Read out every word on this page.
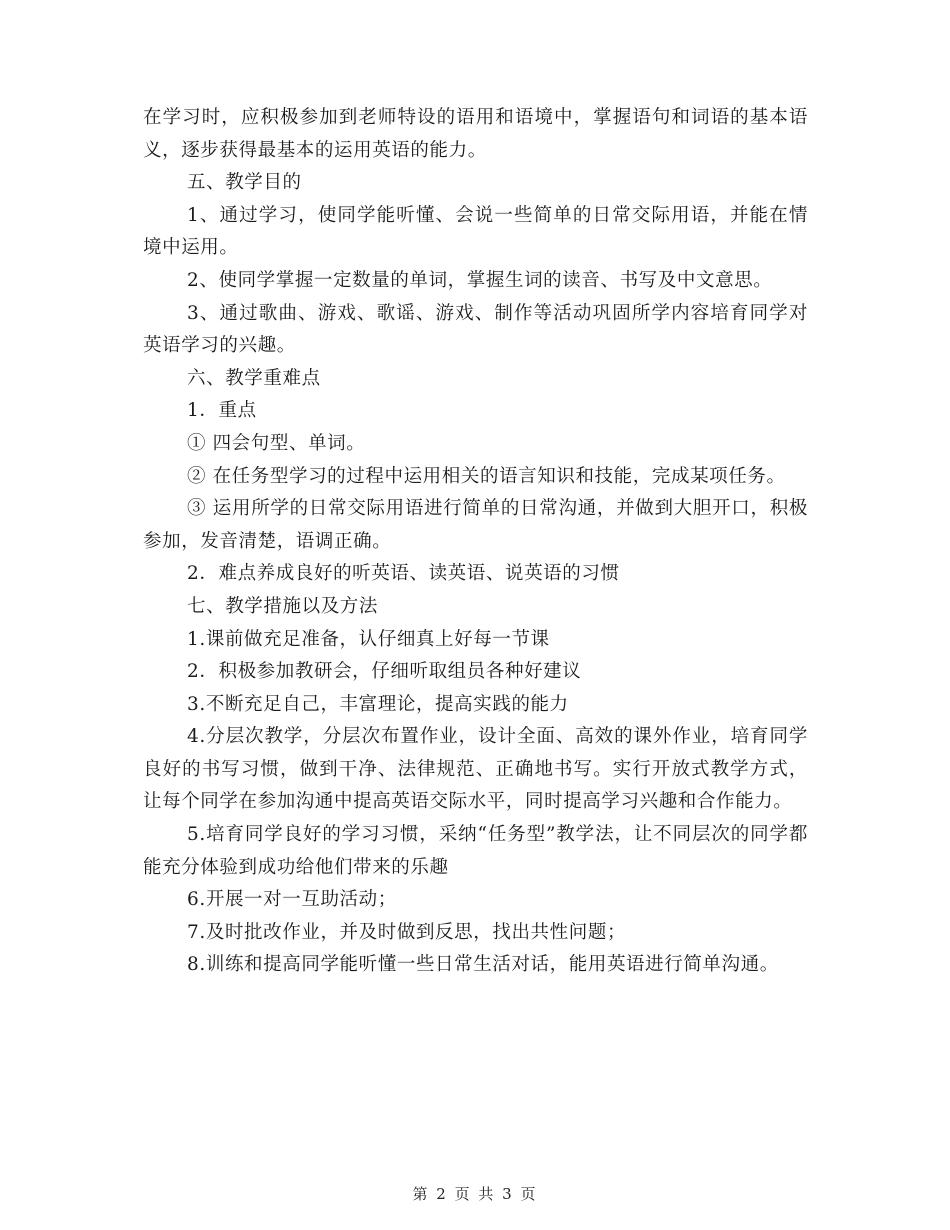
在学习时，应积极参加到老师特设的语用和语境中，掌握语句和词语的基本语义，逐步获得最基本的运用英语的能力。

五、教学目的

1、通过学习，使同学能听懂、会说一些简单的日常交际用语，并能在情境中运用。

2、使同学掌握一定数量的单词，掌握生词的读音、书写及中文意思。

3、通过歌曲、游戏、歌谣、游戏、制作等活动巩固所学内容培育同学对英语学习的兴趣。

六、教学重难点

1．重点

① 四会句型、单词。

② 在任务型学习的过程中运用相关的语言知识和技能，完成某项任务。

③ 运用所学的日常交际用语进行简单的日常沟通，并做到大胆开口，积极参加，发音清楚，语调正确。

2．难点养成良好的听英语、读英语、说英语的习惯

七、教学措施以及方法

1.课前做充足准备，认仔细真上好每一节课

2．积极参加教研会，仔细听取组员各种好建议

3.不断充足自己，丰富理论，提高实践的能力

4.分层次教学，分层次布置作业，设计全面、高效的课外作业，培育同学良好的书写习惯，做到干净、法律规范、正确地书写。实行开放式教学方式，让每个同学在参加沟通中提高英语交际水平，同时提高学习兴趣和合作能力。

5.培育同学良好的学习习惯，采纳“任务型”教学法，让不同层次的同学都能充分体验到成功给他们带来的乐趣

6.开展一对一互助活动；

7.及时批改作业，并及时做到反思，找出共性问题；

8.训练和提高同学能听懂一些日常生活对话，能用英语进行简单沟通。

第 2 页 共 3 页
